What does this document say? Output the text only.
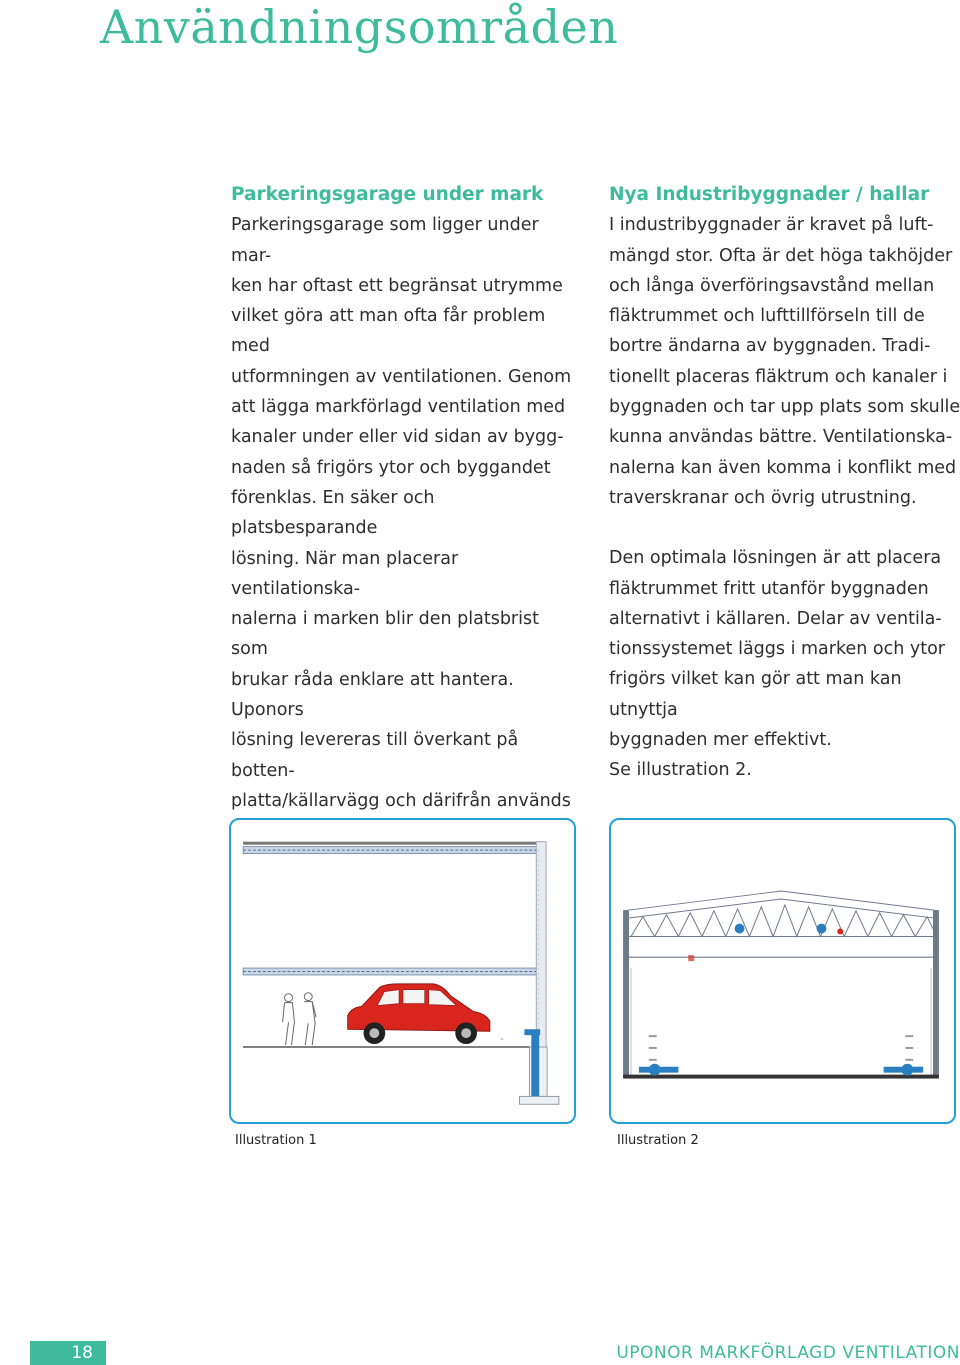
Användningsområden
Parkeringsgarage under mark

Parkeringsgarage som ligger under mar-
ken har oftast ett begränsat utrymme
vilket göra att man ofta får problem med
utformningen av ventilationen. Genom
att lägga markförlagd ventilation med
kanaler under eller vid sidan av bygg-
naden så frigörs ytor och byggandet
förenklas. En säker och platsbesparande
lösning. När man placerar ventilationska-
nalerna i marken blir den platsbrist som
brukar råda enklare att hantera. Uponors
lösning levereras till överkant på botten-
platta/källarvägg och därifrån används

Nya Industribyggnader / hallar

I industribyggnader är kravet på luft-
mängd stor. Ofta är det höga takhöjder
och långa överföringsavstånd mellan
fläktrummet och lufttillförseln till de
bortre ändarna av byggnaden. Tradi-
tionellt placeras fläktrum och kanaler i
byggnaden och tar upp plats som skulle
kunna användas bättre. Ventilationska-
nalerna kan även komma i konflikt med
traverskranar och övrig utrustning.

Den optimala lösningen är att placera
fläktrummet fritt utanför byggnaden
alternativt i källaren. Delar av ventila-
tionssystemet läggs i marken och ytor
frigörs vilket kan gör att man kan utnyttja
byggnaden mer effektivt.
Se illustration 2.

~
Illustration 1	Illustration 2
18	UPONOR MARKFÖRLAGD VENTILATION
